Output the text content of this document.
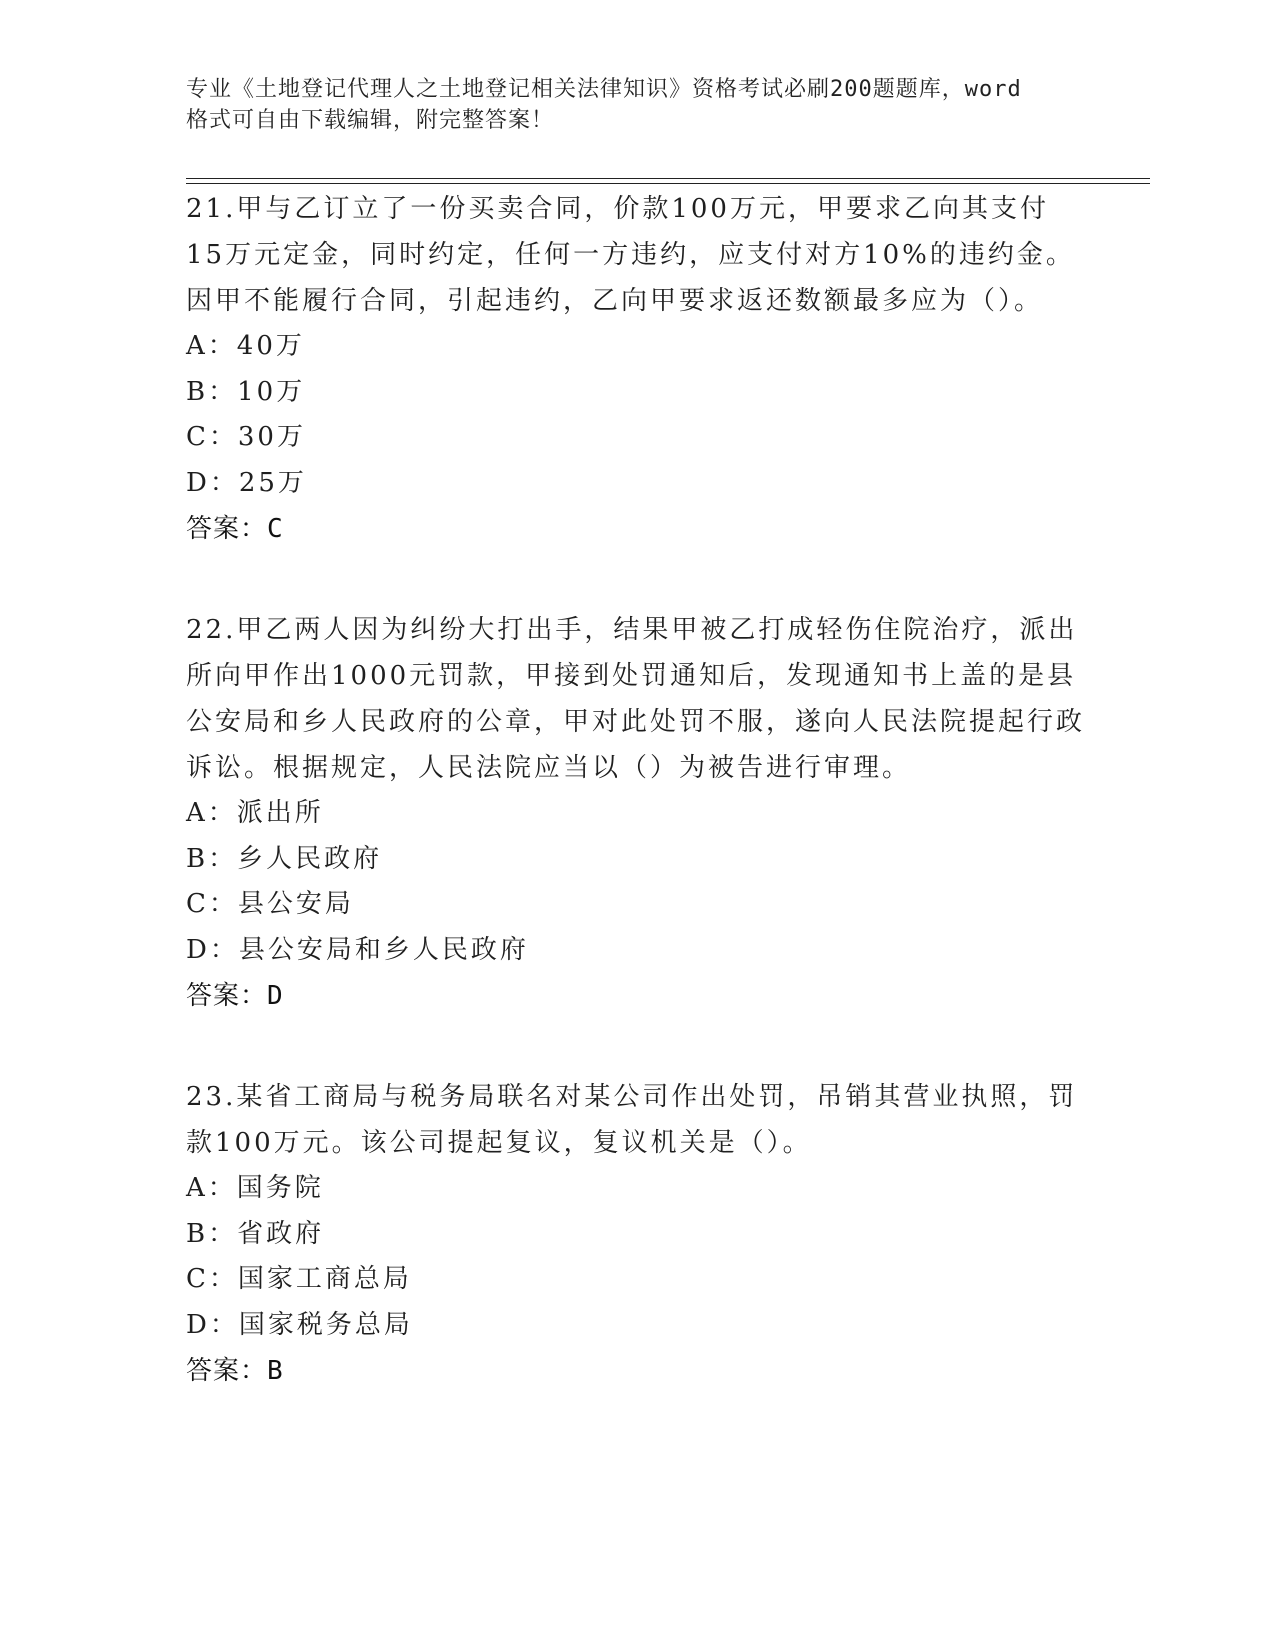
专业《土地登记代理人之土地登记相关法律知识》资格考试必刷200题题库，word
格式可自由下载编辑，附完整答案！
21.甲与乙订立了一份买卖合同，价款100万元，甲要求乙向其支付15万元定金，同时约定，任何一方违约，应支付对方10%的违约金。因甲不能履行合同，引起违约，乙向甲要求返还数额最多应为（）。
A：40万
B：10万
C：30万
D：25万
答案：C
22.甲乙两人因为纠纷大打出手，结果甲被乙打成轻伤住院治疗，派出所向甲作出1000元罚款，甲接到处罚通知后，发现通知书上盖的是县公安局和乡人民政府的公章，甲对此处罚不服，遂向人民法院提起行政诉讼。根据规定，人民法院应当以（）为被告进行审理。
A：派出所
B：乡人民政府
C：县公安局
D：县公安局和乡人民政府
答案：D
23.某省工商局与税务局联名对某公司作出处罚，吊销其营业执照，罚款100万元。该公司提起复议，复议机关是（）。
A：国务院
B：省政府
C：国家工商总局
D：国家税务总局
答案：B
